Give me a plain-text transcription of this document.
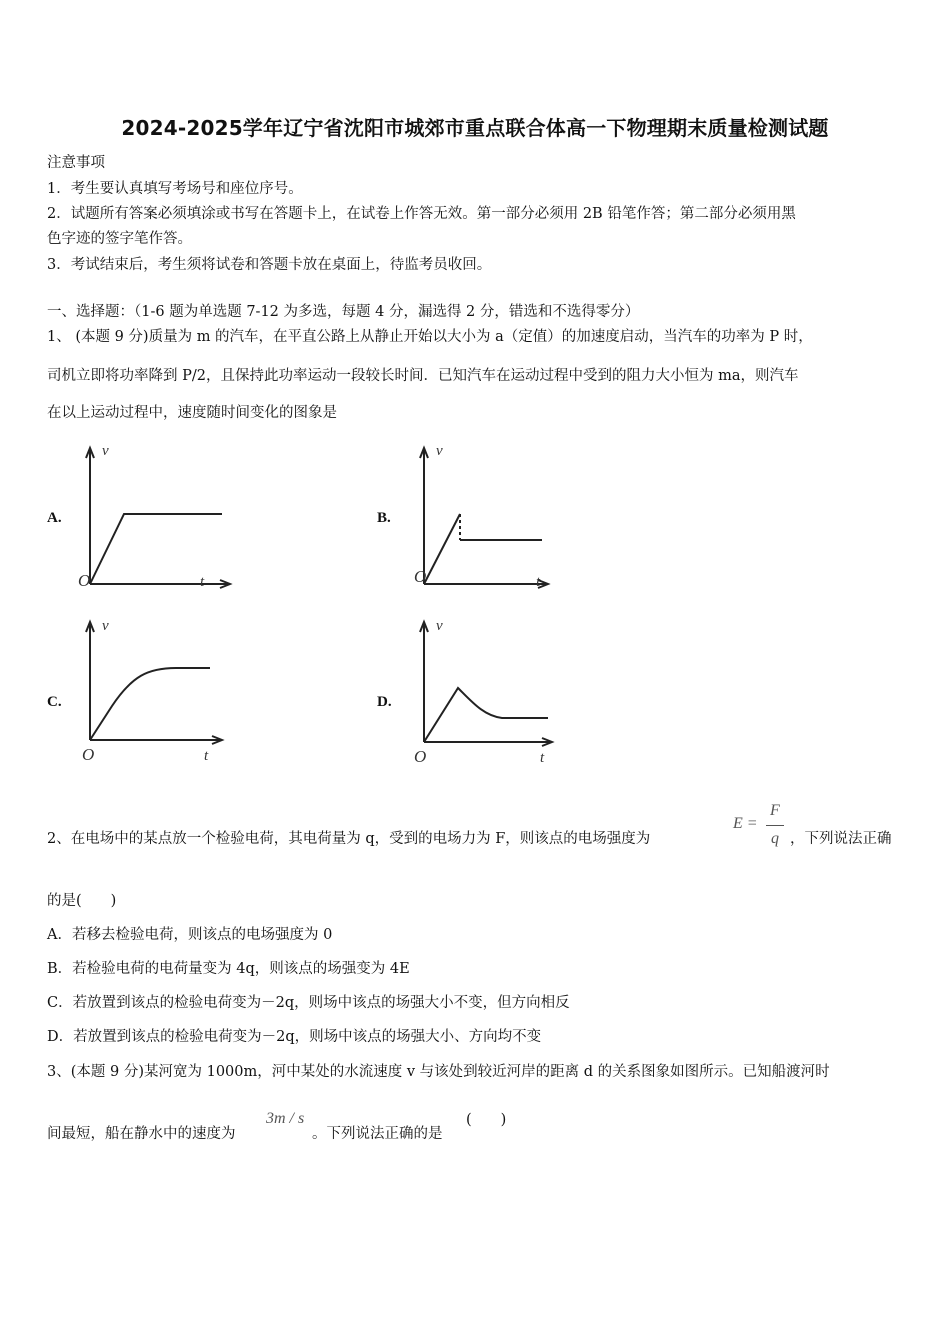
2024-2025学年辽宁省沈阳市城郊市重点联合体高一下物理期末质量检测试题
注意事项
1．考生要认真填写考场号和座位序号。
2．试题所有答案必须填涂或书写在答题卡上，在试卷上作答无效。第一部分必须用 2B 铅笔作答；第二部分必须用黑
色字迹的签字笔作答。
3．考试结束后，考生须将试卷和答题卡放在桌面上，待监考员收回。
一、选择题：（1-6 题为单选题 7-12 为多选，每题 4 分，漏选得 2 分，错选和不选得零分）
1、 (本题 9 分)质量为 m 的汽车，在平直公路上从静止开始以大小为 a（定值）的加速度启动，当汽车的功率为 P 时，
司机立即将功率降到 P/2，且保持此功率运动一段较长时间．已知汽车在运动过程中受到的阻力大小恒为 ma，则汽车
在以上运动过程中，速度随时间变化的图象是
A.
v
O	t
B.
v
O	t
C.
v
O	t
D.
v
O	t
2、在电场中的某点放一个检验电荷，其电荷量为 q，受到的电场力为 F，则该点的电场强度为
E =
F
q ，下列说法正确
的是(　　)
A．若移去检验电荷，则该点的电场强度为 0
B．若检验电荷的电荷量变为 4q，则该点的场强变为 4E
C．若放置到该点的检验电荷变为－2q，则场中该点的场强大小不变，但方向相反
D．若放置到该点的检验电荷变为－2q，则场中该点的场强大小、方向均不变
3、(本题 9 分)某河宽为 1000m，河中某处的水流速度 v 与该处到较近河岸的距离 d 的关系图象如图所示。已知船渡河时
间最短，船在静水中的速度为
3m / s
。下列说法正确的是
(　　)
